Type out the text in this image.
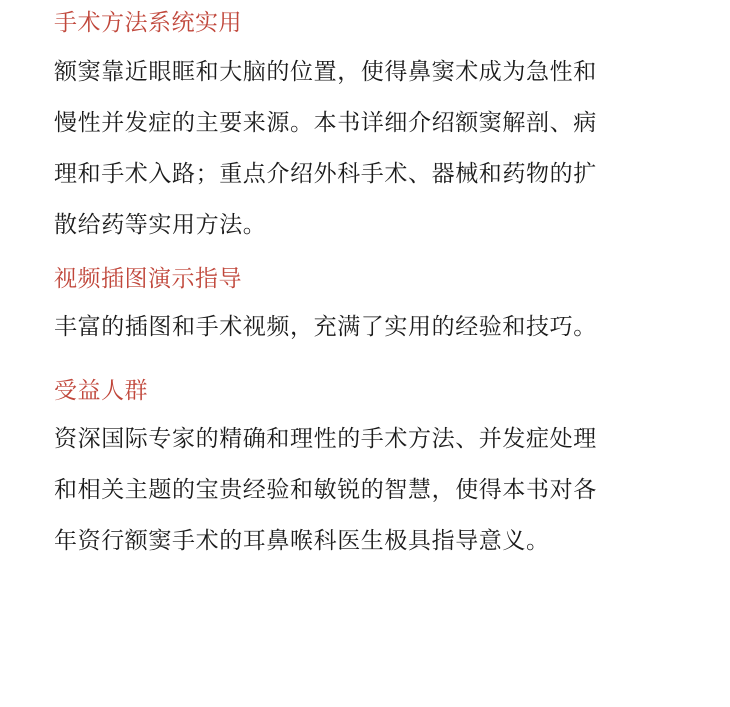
手术方法系统实用

额窦靠近眼眶和大脑的位置，使得鼻窦术成为急性和
慢性并发症的主要来源。本书详细介绍额窦解剖、病
理和手术入路；重点介绍外科手术、器械和药物的扩
散给药等实用方法。

视频插图演示指导

丰富的插图和手术视频，充满了实用的经验和技巧。

受益人群

资深国际专家的精确和理性的手术方法、并发症处理
和相关主题的宝贵经验和敏锐的智慧，使得本书对各
年资行额窦手术的耳鼻喉科医生极具指导意义。
